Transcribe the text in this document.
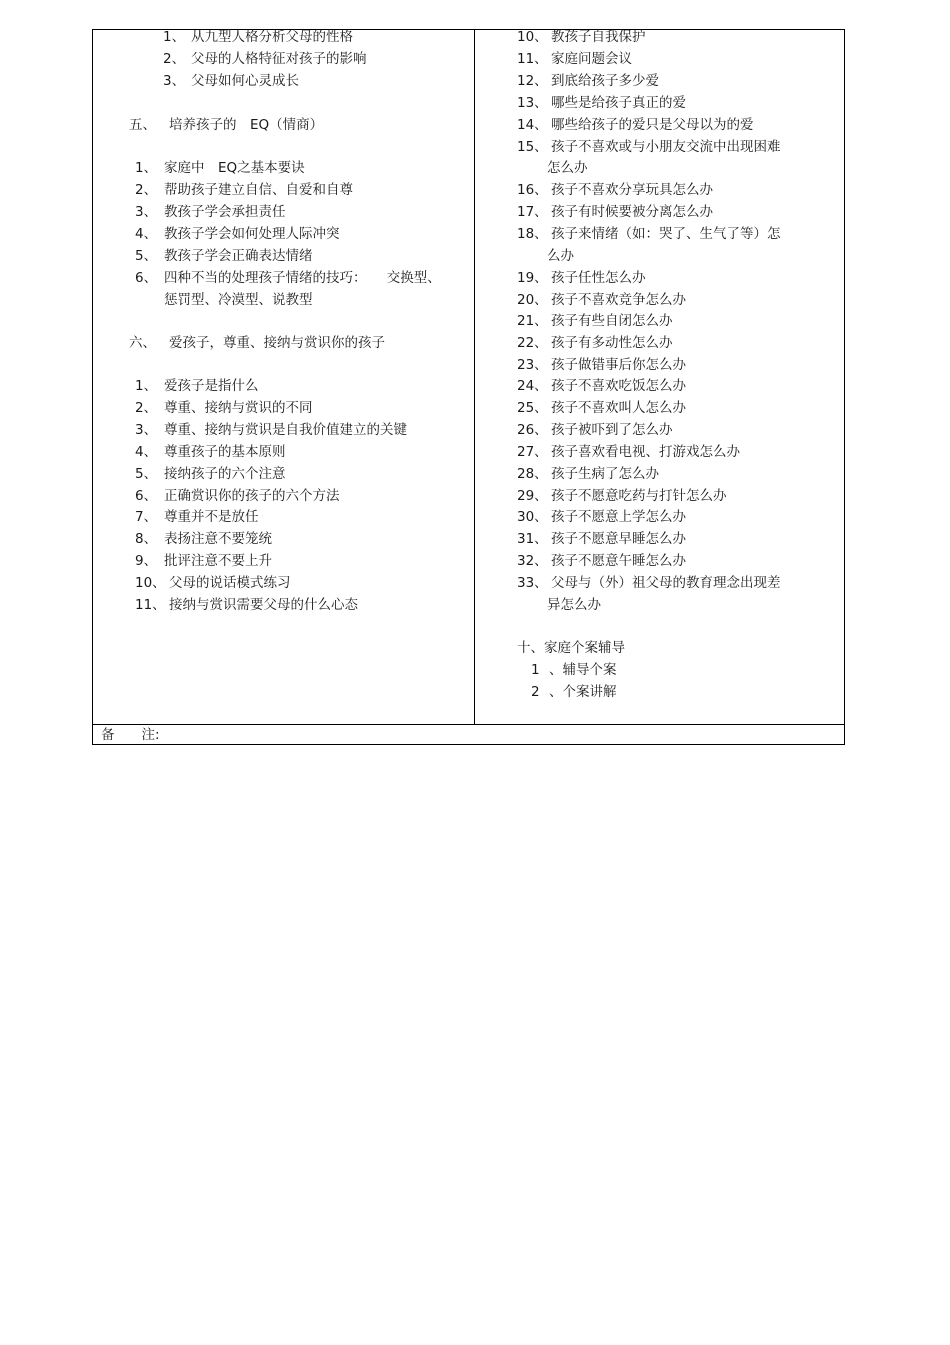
1、 从九型人格分析父母的性格
2、 父母的人格特征对孩子的影响
3、 父母如何心灵成长
五、 培养孩子的　EQ（情商）
1、 家庭中　EQ之基本要诀
2、 帮助孩子建立自信、自爱和自尊
3、 教孩子学会承担责任
4、 教孩子学会如何处理人际冲突
5、 教孩子学会正确表达情绪
6、 四种不当的处理孩子情绪的技巧：　　交换型、
惩罚型、冷漠型、说教型
六、 爱孩子，尊重、接纳与赏识你的孩子
1、 爱孩子是指什么
2、 尊重、接纳与赏识的不同
3、 尊重、接纳与赏识是自我价值建立的关键
4、 尊重孩子的基本原则
5、 接纳孩子的六个注意
6、 正确赏识你的孩子的六个方法
7、 尊重并不是放任
8、 表扬注意不要笼统
9、 批评注意不要上升
10、 父母的说话模式练习
11、 接纳与赏识需要父母的什么心态
10、 教孩子自我保护
11、 家庭问题会议
12、 到底给孩子多少爱
13、 哪些是给孩子真正的爱
14、 哪些给孩子的爱只是父母以为的爱
15、 孩子不喜欢或与小朋友交流中出现困难
怎么办
16、 孩子不喜欢分享玩具怎么办
17、 孩子有时候要被分离怎么办
18、 孩子来情绪（如：哭了、生气了等）怎
么办
19、 孩子任性怎么办
20、 孩子不喜欢竞争怎么办
21、 孩子有些自闭怎么办
22、 孩子有多动性怎么办
23、 孩子做错事后你怎么办
24、 孩子不喜欢吃饭怎么办
25、 孩子不喜欢叫人怎么办
26、 孩子被吓到了怎么办
27、 孩子喜欢看电视、打游戏怎么办
28、 孩子生病了怎么办
29、 孩子不愿意吃药与打针怎么办
30、 孩子不愿意上学怎么办
31、 孩子不愿意早睡怎么办
32、 孩子不愿意午睡怎么办
33、 父母与（外）祖父母的教育理念出现差
异怎么办
十、家庭个案辅导
1 、辅导个案
2 、个案讲解
备　　注:
